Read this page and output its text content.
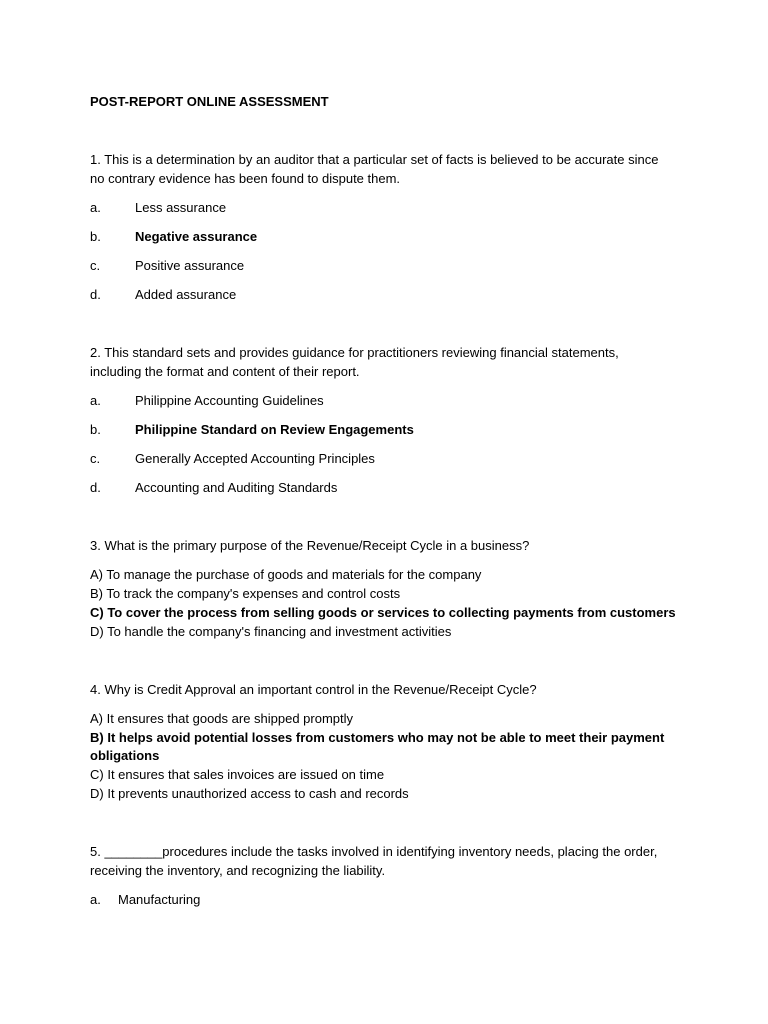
POST-REPORT ONLINE ASSESSMENT
1. This is a determination by an auditor that a particular set of facts is believed to be accurate since
no contrary evidence has been found to dispute them.
a.	Less assurance
b.	Negative assurance
c.	Positive assurance
d.	Added assurance
2. This standard sets and provides guidance for practitioners reviewing financial statements,
including the format and content of their report.
a.	Philippine Accounting Guidelines
b.	Philippine Standard on Review Engagements
c.	Generally Accepted Accounting Principles
d.	Accounting and Auditing Standards
3. What is the primary purpose of the Revenue/Receipt Cycle in a business?
A) To manage the purchase of goods and materials for the company
B) To track the company's expenses and control costs
C) To cover the process from selling goods or services to collecting payments from customers
D) To handle the company's financing and investment activities
4. Why is Credit Approval an important control in the Revenue/Receipt Cycle?
A) It ensures that goods are shipped promptly
B) It helps avoid potential losses from customers who may not be able to meet their payment
obligations
C) It ensures that sales invoices are issued on time
D) It prevents unauthorized access to cash and records
5. ________procedures include the tasks involved in identifying inventory needs, placing the order,
receiving the inventory, and recognizing the liability.
a. Manufacturing
